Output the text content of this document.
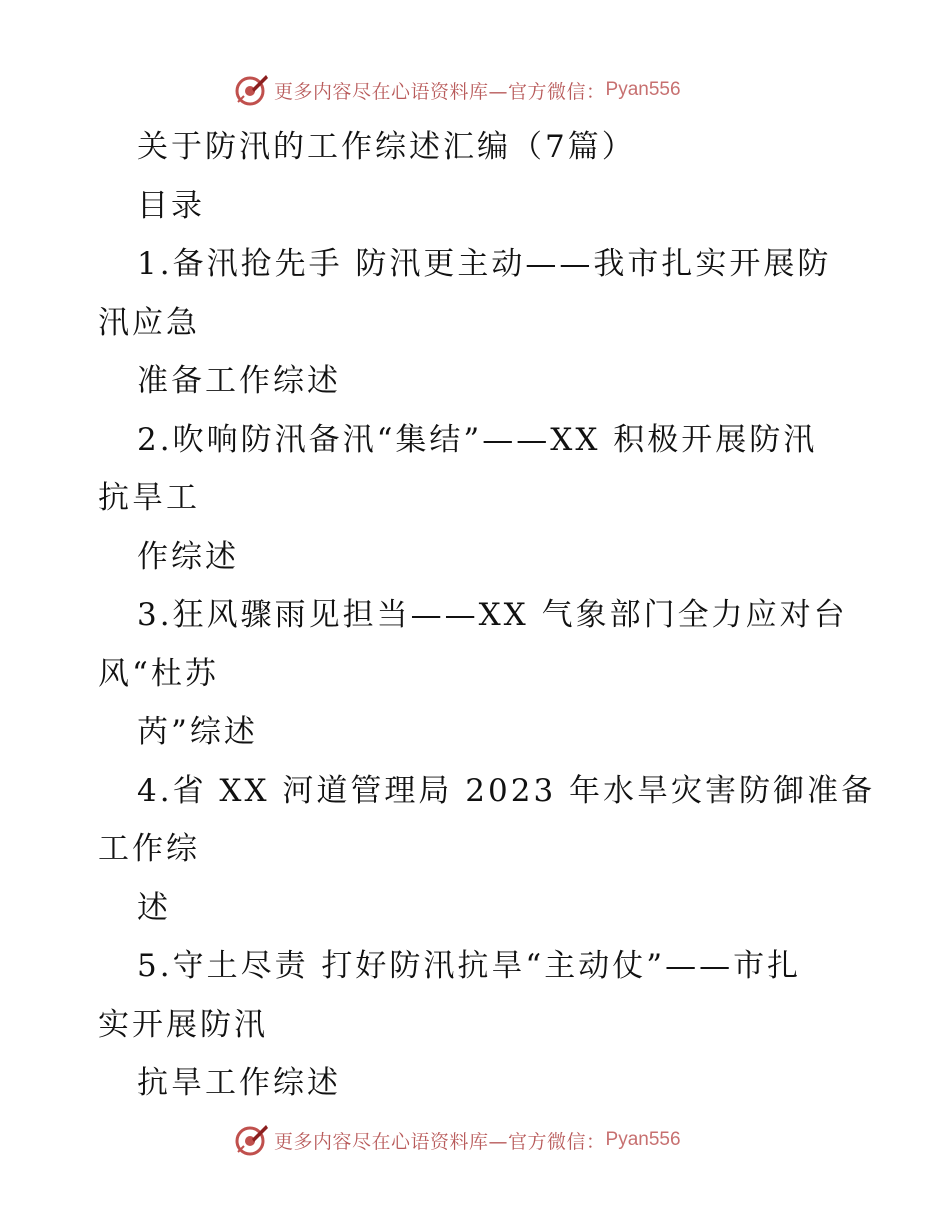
更多内容尽在心语资料库—官方微信： Pyan556
关于防汛的工作综述汇编（7篇）
目录
1.备汛抢先手 防汛更主动——我市扎实开展防
汛应急
准备工作综述
2.吹响防汛备汛“集结”——XX 积极开展防汛
抗旱工
作综述
3.狂风骤雨见担当——XX 气象部门全力应对台
风“杜苏
芮”综述
4.省 XX 河道管理局 2023 年水旱灾害防御准备
工作综
述
5.守土尽责 打好防汛抗旱“主动仗”——市扎
实开展防汛
抗旱工作综述
更多内容尽在心语资料库—官方微信： Pyan556
